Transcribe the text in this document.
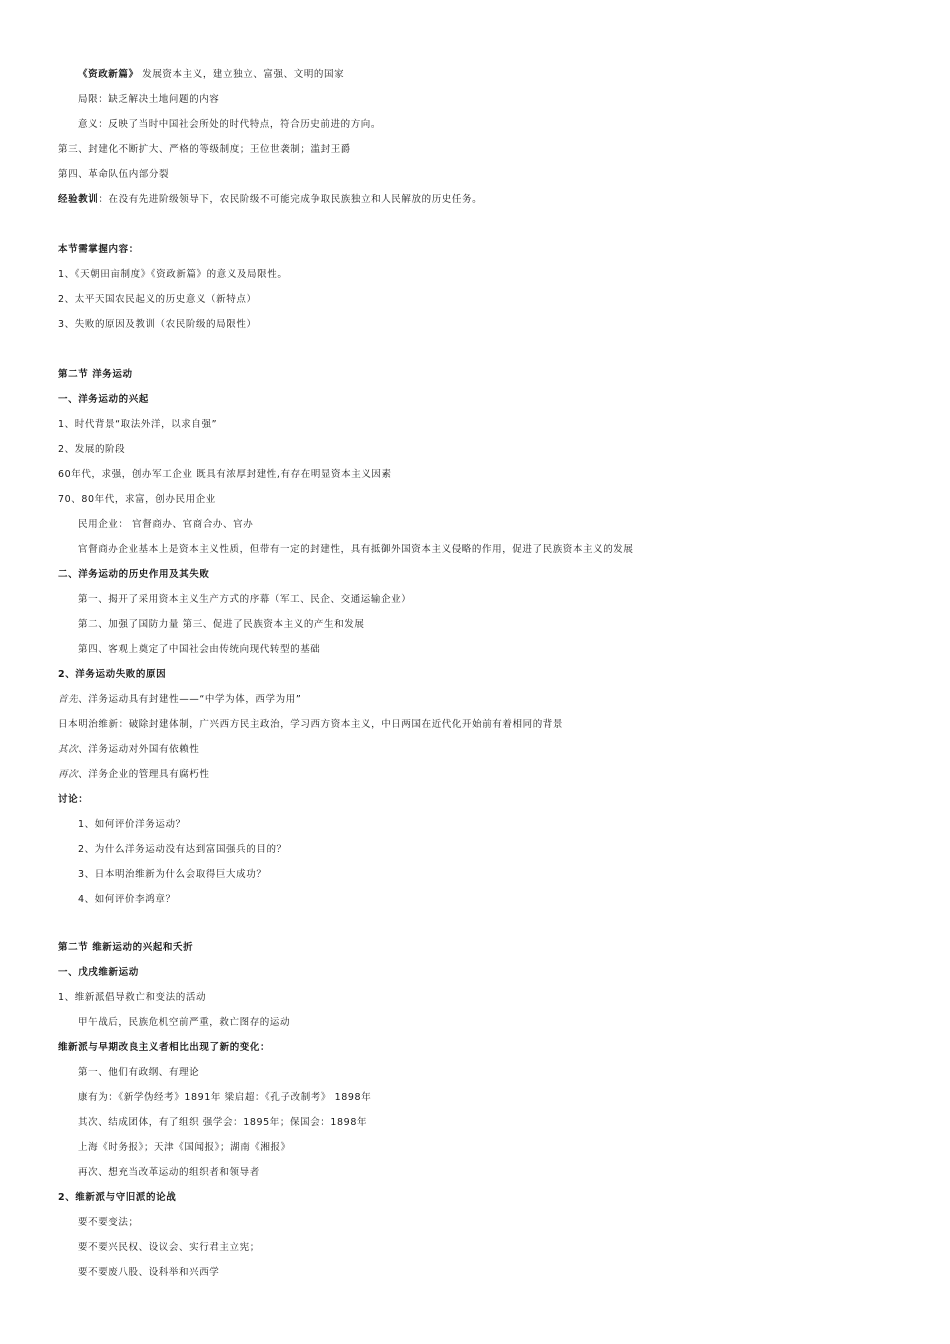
《资政新篇》 发展资本主义，建立独立、富强、文明的国家
局限：缺乏解决土地问题的内容
意义：反映了当时中国社会所处的时代特点，符合历史前进的方向。
第三、封建化不断扩大、严格的等级制度；王位世袭制；滥封王爵
第四、革命队伍内部分裂
经验教训：在没有先进阶级领导下，农民阶级不可能完成争取民族独立和人民解放的历史任务。
本节需掌握内容：
1、《天朝田亩制度》《资政新篇》的意义及局限性。
2、太平天国农民起义的历史意义（新特点）
3、失败的原因及教训（农民阶级的局限性）
第二节 洋务运动
一、洋务运动的兴起
1、时代背景“取法外洋，以求自强”
2、发展的阶段
60年代，求强，创办军工企业 既具有浓厚封建性,有存在明显资本主义因素
70、80年代，求富，创办民用企业
民用企业： 官督商办、官商合办、官办
官督商办企业基本上是资本主义性质，但带有一定的封建性，具有抵御外国资本主义侵略的作用，促进了民族资本主义的发展
二、洋务运动的历史作用及其失败
第一、揭开了采用资本主义生产方式的序幕（军工、民企、交通运输企业）
第二、加强了国防力量 第三、促进了民族资本主义的产生和发展
第四、客观上奠定了中国社会由传统向现代转型的基础
2、洋务运动失败的原因
首先、洋务运动具有封建性——“中学为体，西学为用”
日本明治维新：破除封建体制，广兴西方民主政治，学习西方资本主义，中日两国在近代化开始前有着相同的背景
其次、洋务运动对外国有依赖性
再次、洋务企业的管理具有腐朽性
讨论：
1、如何评价洋务运动？
2、为什么洋务运动没有达到富国强兵的目的？
3、日本明治维新为什么会取得巨大成功？
4、如何评价李鸿章？
第二节 维新运动的兴起和夭折
一、戊戌维新运动
1、维新派倡导救亡和变法的活动
甲午战后，民族危机空前严重，救亡图存的运动
维新派与早期改良主义者相比出现了新的变化：
第一、他们有政纲、有理论
康有为：《新学伪经考》1891年 梁启超：《孔子改制考》 1898年
其次、结成团体，有了组织 强学会：1895年；保国会：1898年
上海《时务报》；天津《国闻报》；湖南《湘报》
再次、想充当改革运动的组织者和领导者
2、维新派与守旧派的论战
要不要变法；
要不要兴民权、设议会、实行君主立宪；
要不要废八股、设科举和兴西学
